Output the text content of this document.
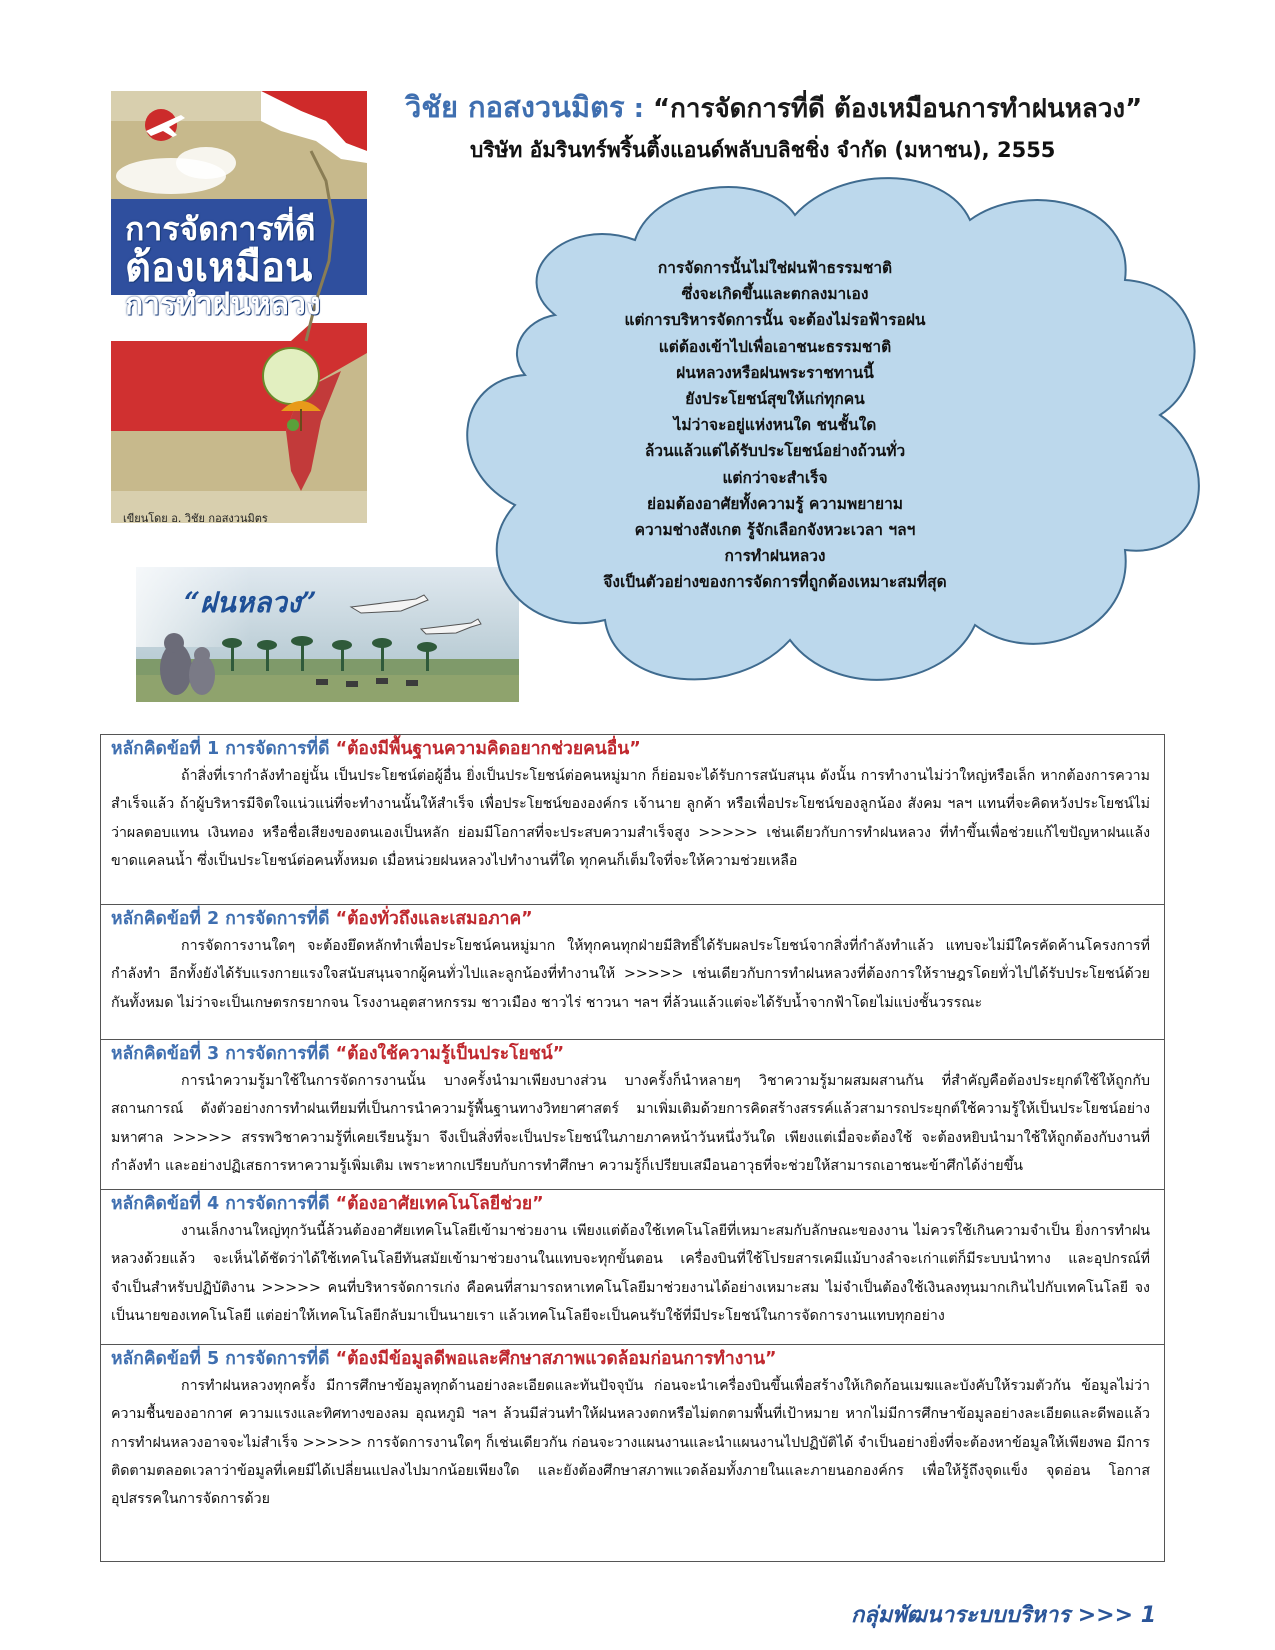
วิชัย กอสงวนมิตร : “การจัดการที่ดี ต้องเหมือนการทำฝนหลวง”
บริษัท อัมรินทร์พริ้นติ้งแอนด์พลับบลิชชิ่ง จำกัด (มหาชน), 2555
การจัดการที่ดี
ต้องเหมือน
การทำฝนหลวง
เขียนโดย อ. วิชัย กอสงวนมิตร
“ฝนหลวง”
การจัดการนั้นไม่ใช่ฝนฟ้าธรรมชาติ
ซึ่งจะเกิดขึ้นและตกลงมาเอง
แต่การบริหารจัดการนั้น จะต้องไม่รอฟ้ารอฝน
แต่ต้องเข้าไปเพื่อเอาชนะธรรมชาติ
ฝนหลวงหรือฝนพระราชทานนี้
ยังประโยชน์สุขให้แก่ทุกคน
ไม่ว่าจะอยู่แห่งหนใด ชนชั้นใด
ล้วนแล้วแต่ได้รับประโยชน์อย่างถ้วนทั่ว
แต่กว่าจะสำเร็จ
ย่อมต้องอาศัยทั้งความรู้ ความพยายาม
ความช่างสังเกต รู้จักเลือกจังหวะเวลา ฯลฯ
การทำฝนหลวง
จึงเป็นตัวอย่างของการจัดการที่ถูกต้องเหมาะสมที่สุด
หลักคิดข้อที่ 1 การจัดการที่ดี “ต้องมีพื้นฐานความคิดอยากช่วยคนอื่น”
ถ้าสิ่งที่เรากำลังทำอยู่นั้น เป็นประโยชน์ต่อผู้อื่น ยิ่งเป็นประโยชน์ต่อคนหมู่มาก ก็ย่อมจะได้รับการสนับสนุน ดังนั้น การทำงานไม่ว่าใหญ่หรือเล็ก หากต้องการความสำเร็จแล้ว ถ้าผู้บริหารมีจิตใจแน่วแน่ที่จะทำงานนั้นให้สำเร็จ เพื่อประโยชน์ขององค์กร เจ้านาย ลูกค้า หรือเพื่อประโยชน์ของลูกน้อง สังคม ฯลฯ แทนที่จะคิดหวังประโยชน์ไม่ว่าผลตอบแทน เงินทอง หรือชื่อเสียงของตนเองเป็นหลัก ย่อมมีโอกาสที่จะประสบความสำเร็จสูง >>>>> เช่นเดียวกับการทำฝนหลวง ที่ทำขึ้นเพื่อช่วยแก้ไขปัญหาฝนแล้ง ขาดแคลนน้ำ ซึ่งเป็นประโยชน์ต่อคนทั้งหมด เมื่อหน่วยฝนหลวงไปทำงานที่ใด ทุกคนก็เต็มใจที่จะให้ความช่วยเหลือ
หลักคิดข้อที่ 2 การจัดการที่ดี “ต้องทั่วถึงและเสมอภาค”
การจัดการงานใดๆ จะต้องยึดหลักทำเพื่อประโยชน์คนหมู่มาก ให้ทุกคนทุกฝ่ายมีสิทธิ์ได้รับผลประโยชน์จากสิ่งที่กำลังทำแล้ว แทบจะไม่มีใครคัดค้านโครงการที่กำลังทำ อีกทั้งยังได้รับแรงกายแรงใจสนับสนุนจากผู้คนทั่วไปและลูกน้องที่ทำงานให้ >>>>> เช่นเดียวกับการทำฝนหลวงที่ต้องการให้ราษฎรโดยทั่วไปได้รับประโยชน์ด้วยกันทั้งหมด ไม่ว่าจะเป็นเกษตรกรยากจน โรงงานอุตสาหกรรม ชาวเมือง ชาวไร่ ชาวนา ฯลฯ ที่ล้วนแล้วแต่จะได้รับน้ำจากฟ้าโดยไม่แบ่งชั้นวรรณะ
หลักคิดข้อที่ 3 การจัดการที่ดี “ต้องใช้ความรู้เป็นประโยชน์”
การนำความรู้มาใช้ในการจัดการงานนั้น บางครั้งนำมาเพียงบางส่วน บางครั้งก็นำหลายๆ วิชาความรู้มาผสมผสานกัน ที่สำคัญคือต้องประยุกต์ใช้ให้ถูกกับสถานการณ์ ดังตัวอย่างการทำฝนเทียมที่เป็นการนำความรู้พื้นฐานทางวิทยาศาสตร์ มาเพิ่มเติมด้วยการคิดสร้างสรรค์แล้วสามารถประยุกต์ใช้ความรู้ให้เป็นประโยชน์อย่างมหาศาล >>>>> สรรพวิชาความรู้ที่เคยเรียนรู้มา จึงเป็นสิ่งที่จะเป็นประโยชน์ในภายภาคหน้าวันหนึ่งวันใด เพียงแต่เมื่อจะต้องใช้ จะต้องหยิบนำมาใช้ให้ถูกต้องกับงานที่กำลังทำ และอย่างปฏิเสธการหาความรู้เพิ่มเติม เพราะหากเปรียบกับการทำศึกษา ความรู้ก็เปรียบเสมือนอาวุธที่จะช่วยให้สามารถเอาชนะข้าศึกได้ง่ายขึ้น
หลักคิดข้อที่ 4 การจัดการที่ดี “ต้องอาศัยเทคโนโลยีช่วย”
งานเล็กงานใหญ่ทุกวันนี้ล้วนต้องอาศัยเทคโนโลยีเข้ามาช่วยงาน เพียงแต่ต้องใช้เทคโนโลยีที่เหมาะสมกับลักษณะของงาน ไม่ควรใช้เกินความจำเป็น ยิ่งการทำฝนหลวงด้วยแล้ว จะเห็นได้ชัดว่าได้ใช้เทคโนโลยีทันสมัยเข้ามาช่วยงานในแทบจะทุกขั้นตอน เครื่องบินที่ใช้โปรยสารเคมีแม้บางลำจะเก่าแต่ก็มีระบบนำทาง และอุปกรณ์ที่จำเป็นสำหรับปฏิบัติงาน >>>>> คนที่บริหารจัดการเก่ง คือคนที่สามารถหาเทคโนโลยีมาช่วยงานได้อย่างเหมาะสม ไม่จำเป็นต้องใช้เงินลงทุนมากเกินไปกับเทคโนโลยี จงเป็นนายของเทคโนโลยี แต่อย่าให้เทคโนโลยีกลับมาเป็นนายเรา แล้วเทคโนโลยีจะเป็นคนรับใช้ที่มีประโยชน์ในการจัดการงานแทบทุกอย่าง
หลักคิดข้อที่ 5 การจัดการที่ดี “ต้องมีข้อมูลดีพอและศึกษาสภาพแวดล้อมก่อนการทำงาน”
การทำฝนหลวงทุกครั้ง มีการศึกษาข้อมูลทุกด้านอย่างละเอียดและทันปัจจุบัน ก่อนจะนำเครื่องบินขึ้นเพื่อสร้างให้เกิดก้อนเมฆและบังคับให้รวมตัวกัน ข้อมูลไม่ว่าความชื้นของอากาศ ความแรงและทิศทางของลม อุณหภูมิ ฯลฯ ล้วนมีส่วนทำให้ฝนหลวงตกหรือไม่ตกตามพื้นที่เป้าหมาย หากไม่มีการศึกษาข้อมูลอย่างละเอียดและดีพอแล้วการทำฝนหลวงอาจจะไม่สำเร็จ >>>>> การจัดการงานใดๆ ก็เช่นเดียวกัน ก่อนจะวางแผนงานและนำแผนงานไปปฏิบัติได้ จำเป็นอย่างยิ่งที่จะต้องหาข้อมูลให้เพียงพอ มีการติดตามตลอดเวลาว่าข้อมูลที่เคยมีได้เปลี่ยนแปลงไปมากน้อยเพียงใด และยังต้องศึกษาสภาพแวดล้อมทั้งภายในและภายนอกองค์กร เพื่อให้รู้ถึงจุดแข็ง จุดอ่อน โอกาส อุปสรรคในการจัดการด้วย
กลุ่มพัฒนาระบบบริหาร >>> 1
